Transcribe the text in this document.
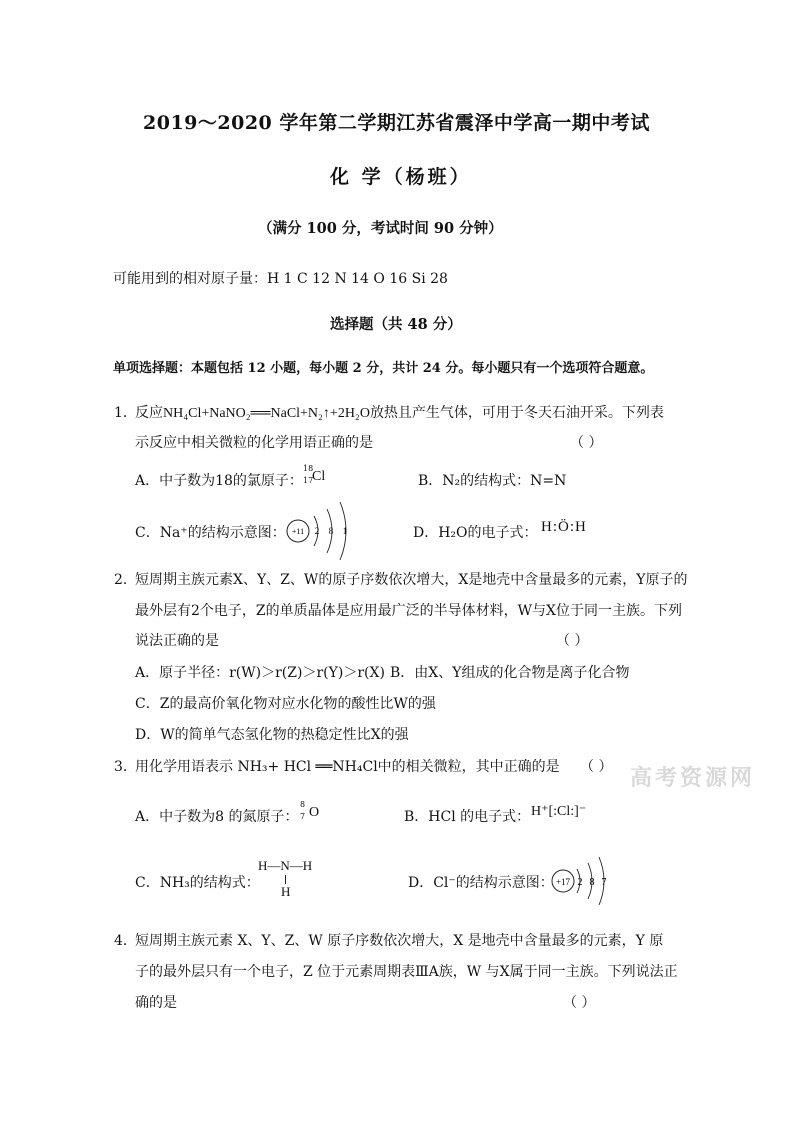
2019～2020 学年第二学期江苏省震泽中学高一期中考试
化 学（杨班）
（满分 100 分，考试时间 90 分钟）
可能用到的相对原子量：H 1 C 12 N 14 O 16 Si 28
选择题（共 48 分）
单项选择题：本题包括 12 小题，每小题 2 分，共计 24 分。每小题只有一个选项符合题意。
1．
反应NH₄Cl+NaNO₂══NaCl+N₂↑+2H₂O放热且产生气体，可用于冬天石油开采。下列表
示反应中相关微粒的化学用语正确的是	（ ）
A．中子数为18的氯原子：
18
17
Cl	B．N₂的结构式：N=N
C．Na⁺的结构示意图： +11 2 8 1	D．H₂O的电子式： H:Ö:H
2．
短周期主族元素X、Y、Z、W的原子序数依次增大，X是地壳中含量最多的元素，Y原子的
最外层有2个电子，Z的单质晶体是应用最广泛的半导体材料，W与X位于同一主族。下列
说法正确的是	（ ）
A．原子半径：r(W)＞r(Z)＞r(Y)＞r(X) B．由X、Y组成的化合物是离子化合物
C．Z的最高价氧化物对应水化物的酸性比W的强
D．W的简单气态氢化物的热稳定性比X的强
3．
用化学用语表示 NH₃+ HCl ══NH₄Cl中的相关微粒，其中正确的是 （ ） 高考资源网
A．中子数为8 的氮原子：
8
7 O	B．HCl 的电子式： H⁺[:Cl:]⁻
C．NH₃的结构式：
H—N—H
H
D．Cl⁻的结构示意图： +17 2 8 7
4．
短周期主族元素 X、Y、Z、W 原子序数依次增大，X 是地壳中含量最多的元素，Y 原
子的最外层只有一个电子，Z 位于元素周期表ⅢA族，W 与X属于同一主族。下列说法正
确的是	（ ）
